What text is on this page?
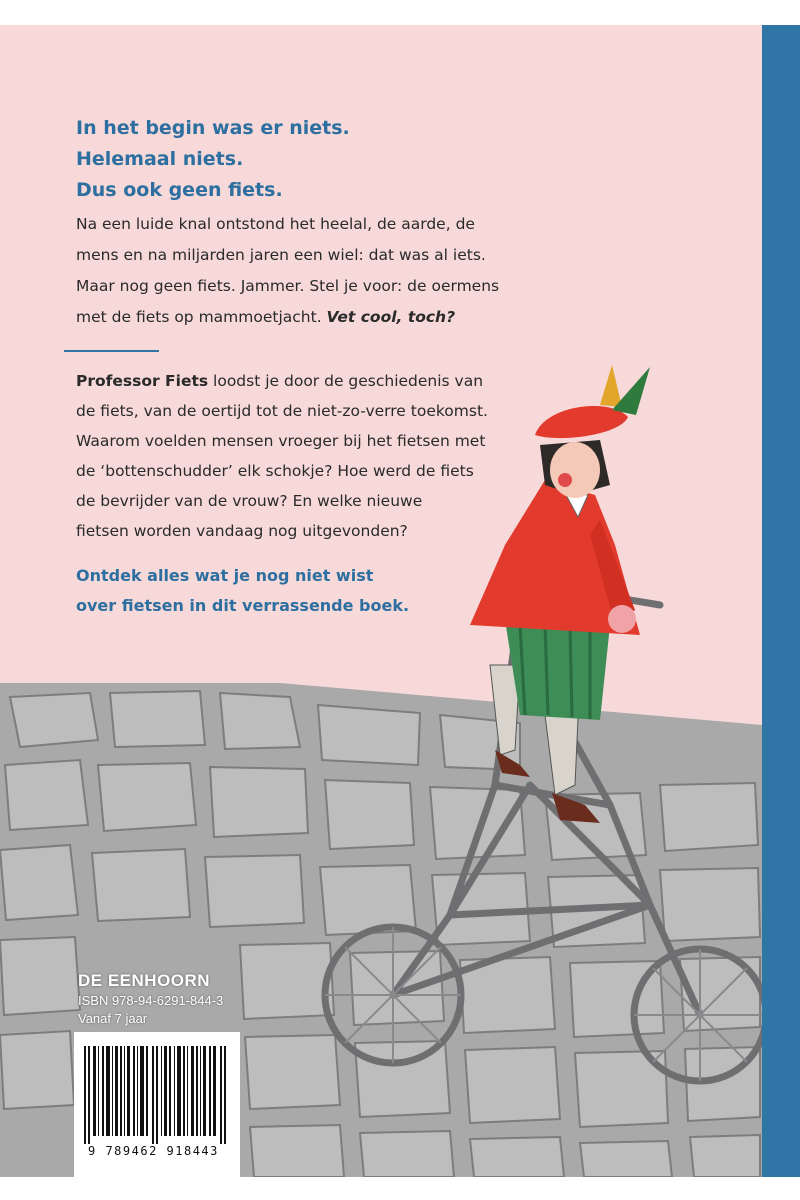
In het begin was er niets.
Helemaal niets.
Dus ook geen fiets.
Na een luide knal ontstond het heelal, de aarde, de
mens en na miljarden jaren een wiel: dat was al iets.
Maar nog geen fiets. Jammer. Stel je voor: de oermens
met de fiets op mammoetjacht. Vet cool, toch?
Professor Fiets loodst je door de geschiedenis van
de fiets, van de oertijd tot de niet-zo-verre toekomst.
Waarom voelden mensen vroeger bij het fietsen met
de ‘bottenschudder’ elk schokje? Hoe werd de fiets
de bevrijder van de vrouw? En welke nieuwe
fietsen worden vandaag nog uitgevonden?
Ontdek alles wat je nog niet wist
over fietsen in dit verrassende boek.
DE EENHOORN
ISBN 978-94-6291-844-3
Vanaf 7 jaar
9 789462 918443
